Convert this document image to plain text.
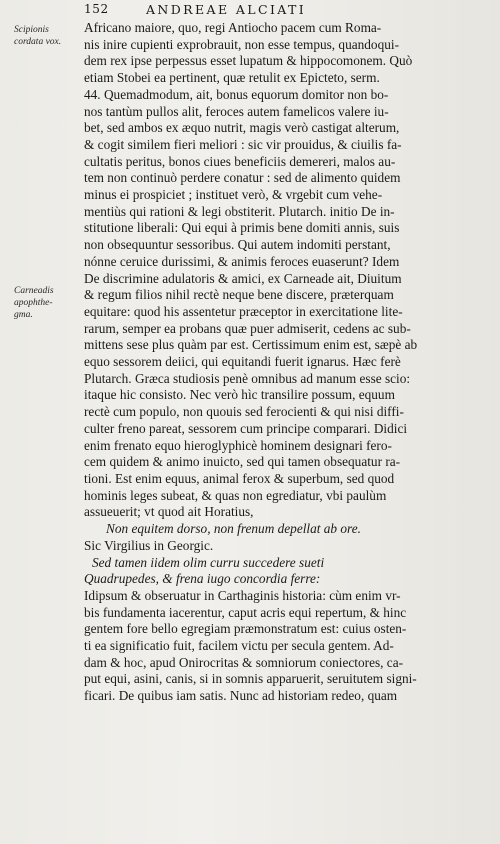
152	ANDREAE ALCIATI
Scipionis
cordata vox.
Carneadis
apophthe-
gma.
Africano maiore, quo, regi Antiocho pacem cum Roma-
nis inire cupienti exprobrauit, non esse tempus, quandoqui-
dem rex ipse perpessus esset lupatum & hippocomonem. Quò
etiam Stobei ea pertinent, quæ retulit ex Epicteto, serm.
44. Quemadmodum, ait, bonus equorum domitor non bo-
nos tantùm pullos alit, feroces autem famelicos valere iu-
bet, sed ambos ex æquo nutrit, magis verò castigat alterum,
& cogit similem fieri meliori : sic vir prouidus, & ciuilis fa-
cultatis peritus, bonos ciues beneficiis demereri, malos au-
tem non continuò perdere conatur : sed de alimento quidem
minus ei prospiciet ; instituet verò, & vrgebit cum vehe-
mentiùs qui rationi & legi obstiterit. Plutarch. initio De in-
stitutione liberali: Qui equi à primis bene domiti annis, suis
non obsequuntur sessoribus. Qui autem indomiti perstant,
nónne ceruice durissimi, & animis feroces euaserunt? Idem
De discrimine adulatoris & amici, ex Carneade ait, Diuitum
& regum filios nihil rectè neque bene discere, præterquam
equitare: quod his assentetur præceptor in exercitatione lite-
rarum, semper ea probans quæ puer admiserit, cedens ac sub-
mittens sese plus quàm par est. Certissimum enim est, sæpè ab
equo sessorem deiici, qui equitandi fuerit ignarus. Hæc ferè
Plutarch. Græca studiosis penè omnibus ad manum esse scio:
itaque hic consisto. Nec verò hìc transilire possum, equum
rectè cum populo, non quouis sed ferocienti & qui nisi diffi-
culter freno pareat, sessorem cum principe comparari. Didici
enim frenato equo hieroglyphicè hominem designari fero-
cem quidem & animo inuicto, sed qui tamen obsequatur ra-
tioni. Est enim equus, animal ferox & superbum, sed quod
hominis leges subeat, & quas non egrediatur, vbi paulùm
assueuerit; vt quod ait Horatius,
Non equitem dorso, non frenum depellat ab ore.
Sic Virgilius in Georgic.
Sed tamen iidem olim curru succedere sueti
Quadrupedes, & frena iugo concordia ferre:
Idipsum & obseruatur in Carthaginis historia: cùm enim vr-
bis fundamenta iacerentur, caput acris equi repertum, & hinc
gentem fore bello egregiam præmonstratum est: cuius osten-
ti ea significatio fuit, facilem victu per secula gentem. Ad-
dam & hoc, apud Onirocritas & somniorum coniectores, ca-
put equi, asini, canis, si in somnis apparuerit, seruitutem signi-
ficari. De quibus iam satis. Nunc ad historiam redeo, quam
